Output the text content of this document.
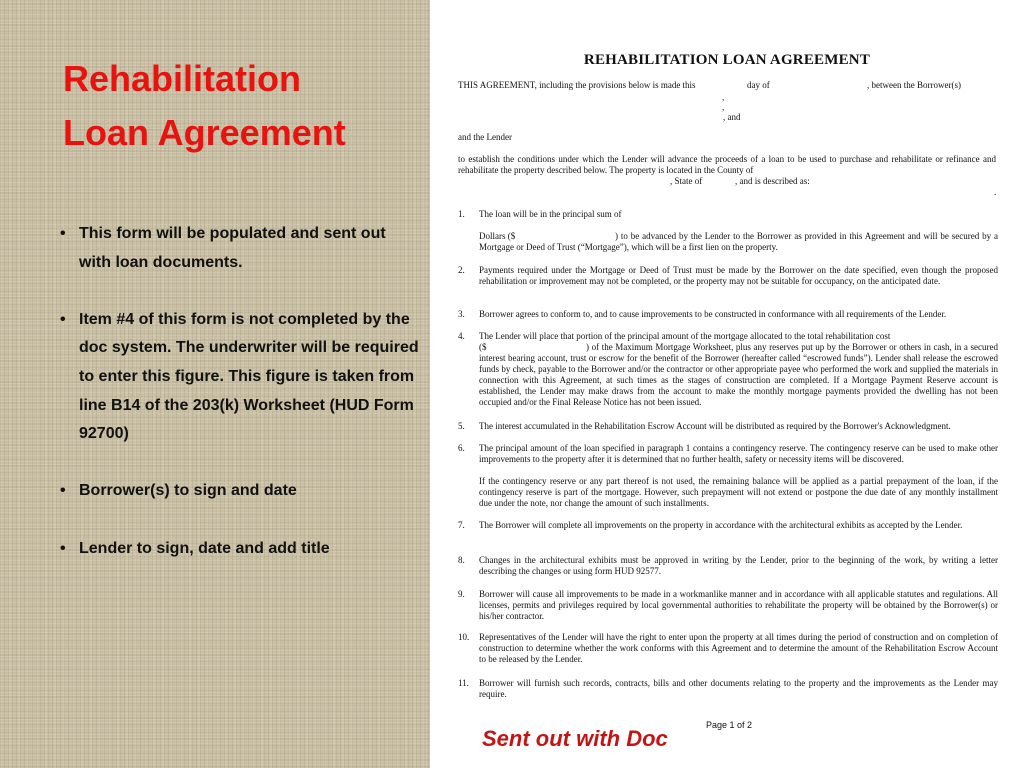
Rehabilitation
Loan Agreement
• This form will be populated and sent out with loan documents.
• Item #4 of this form is not completed by the doc system. The underwriter will be required to enter this figure. This figure is taken from line B14 of the 203(k) Worksheet (HUD Form 92700)
• Borrower(s) to sign and date
• Lender to sign, date and add title
REHABILITATION LOAN AGREEMENT
THIS AGREEMENT, including the provisions below is made this	day of	, between the Borrower(s)
,
,
, and
and the Lender
to establish the conditions under which the Lender will advance the proceeds of a loan to be used to purchase and rehabilitate or refinance and rehabilitate the property described below. The property is located in the County of
, State of	, and is described as:
.
1. The loan will be in the principal sum of
Dollars ($	) to be advanced by the Lender to the Borrower as provided in this Agreement and will be secured by a Mortgage or Deed of Trust (“Mortgage”), which will be a first lien on the property.
2. Payments required under the Mortgage or Deed of Trust must be made by the Borrower on the date specified, even though the proposed rehabilitation or improvement may not be completed, or the property may not be suitable for occupancy, on the anticipated date.
3. Borrower agrees to conform to, and to cause improvements to be constructed in conformance with all requirements of the Lender.
4. The Lender will place that portion of the principal amount of the mortgage allocated to the total rehabilitation cost
($	) of the Maximum Mortgage Worksheet, plus any reserves put up by the Borrower or others in cash, in a secured interest bearing account, trust or escrow for the benefit of the Borrower (hereafter called “escrowed funds”). Lender shall release the escrowed funds by check, payable to the Borrower and/or the contractor or other appropriate payee who performed the work and supplied the materials in connection with this Agreement, at such times as the stages of construction are completed. If a Mortgage Payment Reserve account is established, the Lender may make draws from the account to make the monthly mortgage payments provided the dwelling has not been occupied and/or the Final Release Notice has not been issued.
5. The interest accumulated in the Rehabilitation Escrow Account will be distributed as required by the Borrower's Acknowledgment.
6. The principal amount of the loan specified in paragraph 1 contains a contingency reserve. The contingency reserve can be used to make other improvements to the property after it is determined that no further health, safety or necessity items will be discovered.
If the contingency reserve or any part thereof is not used, the remaining balance will be applied as a partial prepayment of the loan, if the contingency reserve is part of the mortgage. However, such prepayment will not extend or postpone the due date of any monthly installment due under the note, nor change the amount of such installments.
7. The Borrower will complete all improvements on the property in accordance with the architectural exhibits as accepted by the Lender.
8. Changes in the architectural exhibits must be approved in writing by the Lender, prior to the beginning of the work, by writing a letter describing the changes or using form HUD 92577.
9. Borrower will cause all improvements to be made in a workmanlike manner and in accordance with all applicable statutes and regulations. All licenses, permits and privileges required by local governmental authorities to rehabilitate the property will be obtained by the Borrower(s) or his/her contractor.
10. Representatives of the Lender will have the right to enter upon the property at all times during the period of construction and on completion of construction to determine whether the work conforms with this Agreement and to determine the amount of the Rehabilitation Escrow Account to be released by the Lender.
11. Borrower will furnish such records, contracts, bills and other documents relating to the property and the improvements as the Lender may require.
Sent out with Doc
Page 1 of 2
